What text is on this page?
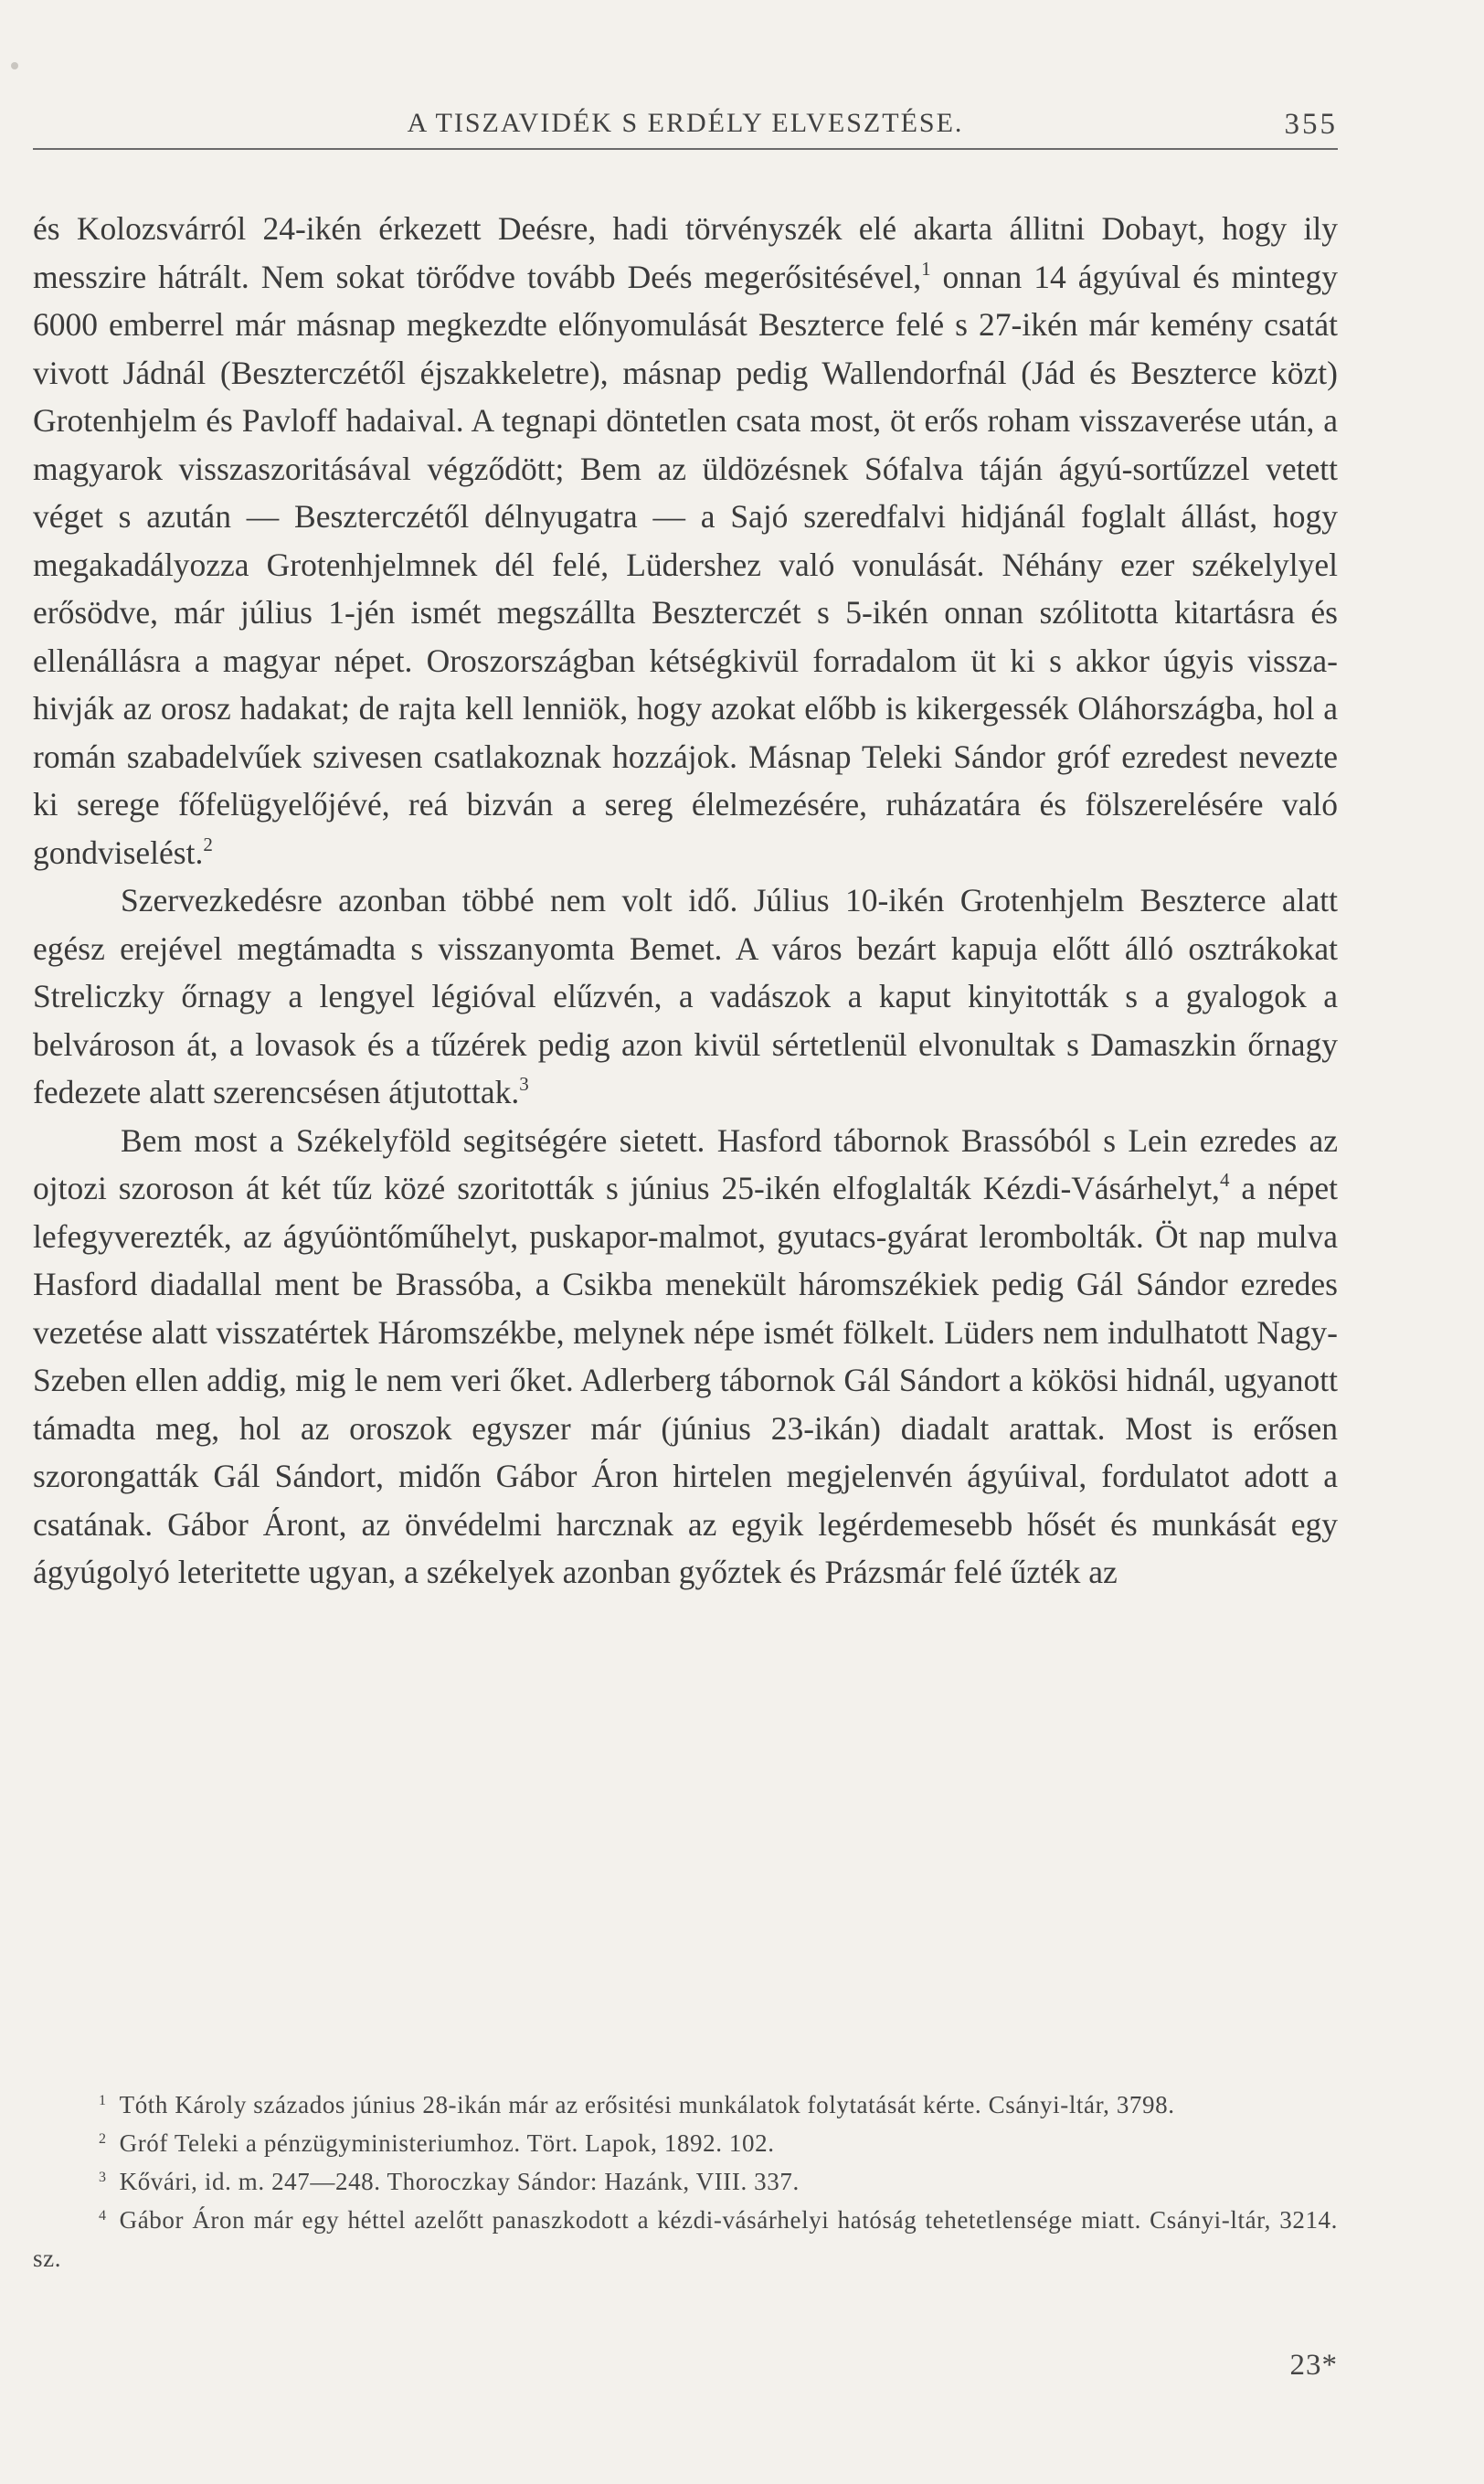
A TISZAVIDÉK S ERDÉLY ELVESZTÉSE.	355

és Kolozsvárról 24-ikén érkezett Deésre, hadi törvényszék elé akarta állitni Dobayt, hogy ily messzire hátrált. Nem sokat törődve tovább Deés megerősitésével,$^1$ onnan 14 ágyúval és mintegy 6000 emberrel már másnap megkezdte előnyomulását Beszterce felé s 27-ikén már kemény csatát vivott Jádnál (Beszterczétől éjszakkeletre), másnap pedig Wallendorfnál (Jád és Beszterce közt) Grotenhjelm és Pavloff hadaival. A tegnapi döntetlen csata most, öt erős roham visszaverése után, a magyarok visszaszoritásával végződött; Bem az üldözésnek Sófalva táján ágyú-sortűzzel vetett véget s azután — Beszterczétől délnyugatra — a Sajó szeredfalvi hidjánál foglalt állást, hogy megakadályozza Grotenhjelmnek dél felé, Lüdershez való vonulását. Néhány ezer székelylyel erősödve, már július 1-jén ismét megszállta Beszterczét s 5-ikén onnan szólitotta kitartásra és ellenállásra a magyar népet. Oroszországban kétségkivül forradalom üt ki s akkor úgyis visszahivják az orosz hadakat; de rajta kell lenniök, hogy azokat előbb is kikergessék Oláhországba, hol a román szabadelvűek szivesen csatlakoznak hozzájok. Másnap Teleki Sándor gróf ezredest nevezte ki serege főfelügyelőjévé, reá bizván a sereg élelmezésére, ruházatára és fölszerelésére való gondviselést.$^2$

Szervezkedésre azonban többé nem volt idő. Július 10-ikén Grotenhjelm Beszterce alatt egész erejével megtámadta s visszanyomta Bemet. A város bezárt kapuja előtt álló osztrákokat Streliczky őrnagy a lengyel légióval elűzvén, a vadászok a kaput kinyitották s a gyalogok a belvároson át, a lovasok és a tűzérek pedig azon kivül sértetlenül elvonultak s Damaszkin őrnagy fedezete alatt szerencsésen átjutottak.$^3$

Bem most a Székelyföld segitségére sietett. Hasford tábornok Brassóból s Lein ezredes az ojtozi szoroson át két tűz közé szoritották s június 25-ikén elfoglalták Kézdi-Vásárhelyt,$^4$ a népet lefegyverezték, az ágyúöntőműhelyt, puskapor-malmot, gyutacs-gyárat lerombolták. Öt nap mulva Hasford diadallal ment be Brassóba, a Csikba menekült háromszékiek pedig Gál Sándor ezredes vezetése alatt visszatértek Háromszékbe, melynek népe ismét fölkelt. Lüders nem indulhatott Nagy-Szeben ellen addig, mig le nem veri őket. Adlerberg tábornok Gál Sándort a kökösi hidnál, ugyanott támadta meg, hol az oroszok egyszer már (június 23-ikán) diadalt arattak. Most is erősen szorongatták Gál Sándort, midőn Gábor Áron hirtelen megjelenvén ágyúival, fordulatot adott a csatának. Gábor Áront, az önvédelmi harcznak az egyik legérdemesebb hősét és munkását egy ágyúgolyó leteritette ugyan, a székelyek azonban győztek és Prázsmár felé űzték az

$^1$ Tóth Károly százados június 28-ikán már az erősitési munkálatok folytatását kérte. Csányi-ltár, 3798.

$^2$ Gróf Teleki a pénzügyministeriumhoz. Tört. Lapok, 1892. 102.

$^3$ Kővári, id. m. 247—248. Thoroczkay Sándor: Hazánk, VIII. 337.

$^4$ Gábor Áron már egy héttel azelőtt panaszkodott a kézdi-vásárhelyi hatóság tehetetlensége miatt. Csányi-ltár, 3214. sz.

23*
